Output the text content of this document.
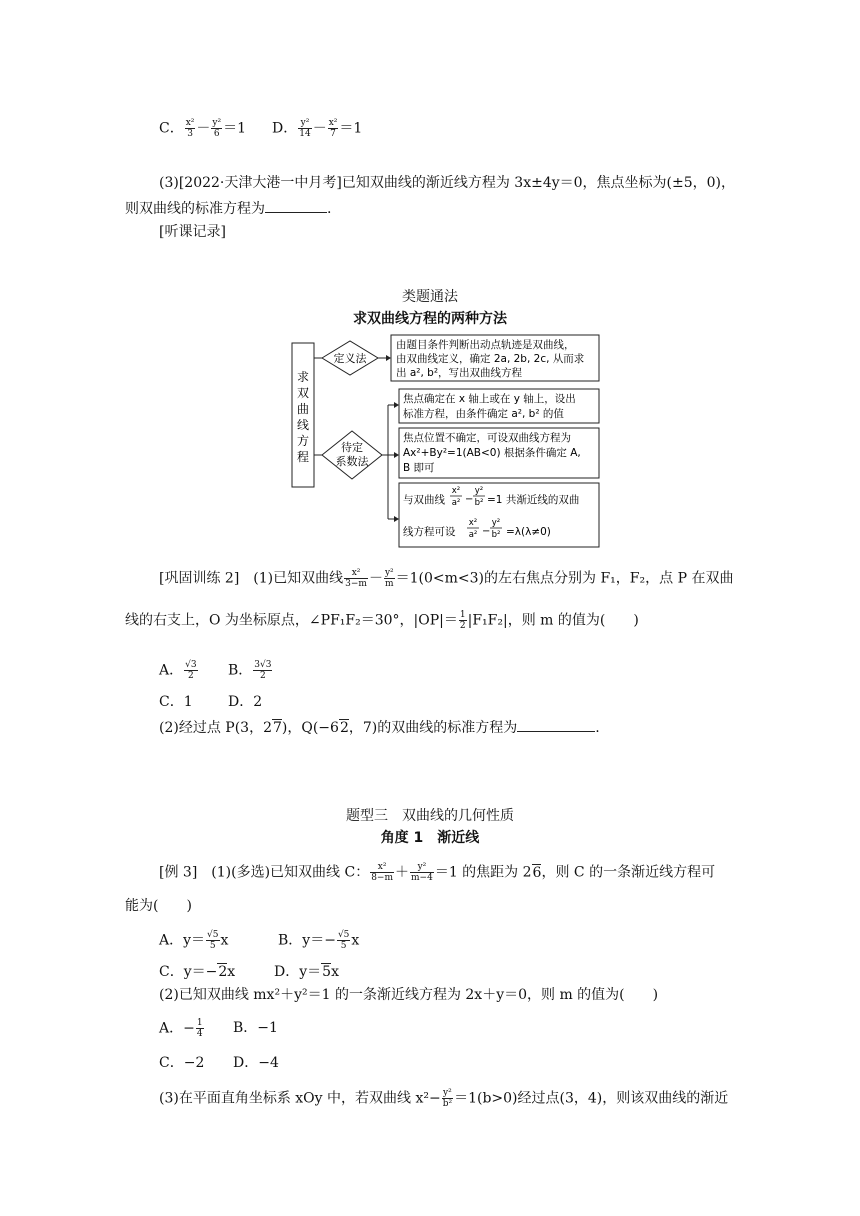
C． $\frac{\text{x²}}{3} - \frac{\text{y²}}{6} =1$ D． $\frac{\text{y²}}{14} - \frac{\text{x²}}{7} =1$
(3)[2022·天津大港一中月考]已知双曲线的渐近线方程为 3x±4y＝0，焦点坐标为(±5，0)，
则双曲线的标准方程为	.
[听课记录]
类题通法
求双曲线方程的两种方法
求
双
曲
线
方
程
定义法
由题目条件判断出动点轨迹是双曲线，
由双曲线定义，确定 2a, 2b, 2c, 从而求
出 a², b²，写出双曲线方程
待定
系数法
焦点确定在 x 轴上或在 y 轴上，设出
标准方程，由条件确定 a², b² 的值
焦点位置不确定，可设双曲线方程为
Ax²+By²=1(AB<0) 根据条件确定 A,
B 即可
与双曲线
x²
a² −
y²
b² =1 共渐近线的双曲
线方程可设
x²
a² −
y²
b² =λ(λ≠0)
[巩固训练 2]　(1)已知双曲线 $\frac{\text{x²}}{3-m} - \frac{\text{y²}}{m} =1(0<m<3)$的左右焦点分别为 F₁，F₂，点 P 在双曲
线的右支上，O 为坐标原点，∠PF₁F₂＝30°，$|OP|= \frac{1}{2} |F_1F_2|$，则 m 的值为(　　)
A． $\frac{√3}{2}$ B． $\frac{3√3}{2}$
C．1	D．2
(2)经过点 P(3，27)，Q(−62，7)的双曲线的标准方程为	.
题型三　双曲线的几何性质
角度 1　渐近线
[例 3]　(1)(多选)已知双曲线 C： $\frac{\text{x²}}{8-m} + \frac{\text{y²}}{m-4} =1$ 的焦距为 26，则 C 的一条渐近线方程可
能为(　　)
A．$y= \frac{√5}{5}$ x	B．$y=- \frac{√5}{5}$ x
C．y＝−2x	D．y＝5x
(2)已知双曲线 mx²＋y²＝1 的一条渐近线方程为 2x＋y＝0，则 m 的值为(　　)
A．− $\frac{1}{4}$ B．−1
C．−2 D．−4
(3)在平面直角坐标系 xOy 中，若双曲线 $x^2- \frac{\text{y²}}{\text{b²}} =1(b>0)$经过点(3，4)，则该双曲线的渐近
